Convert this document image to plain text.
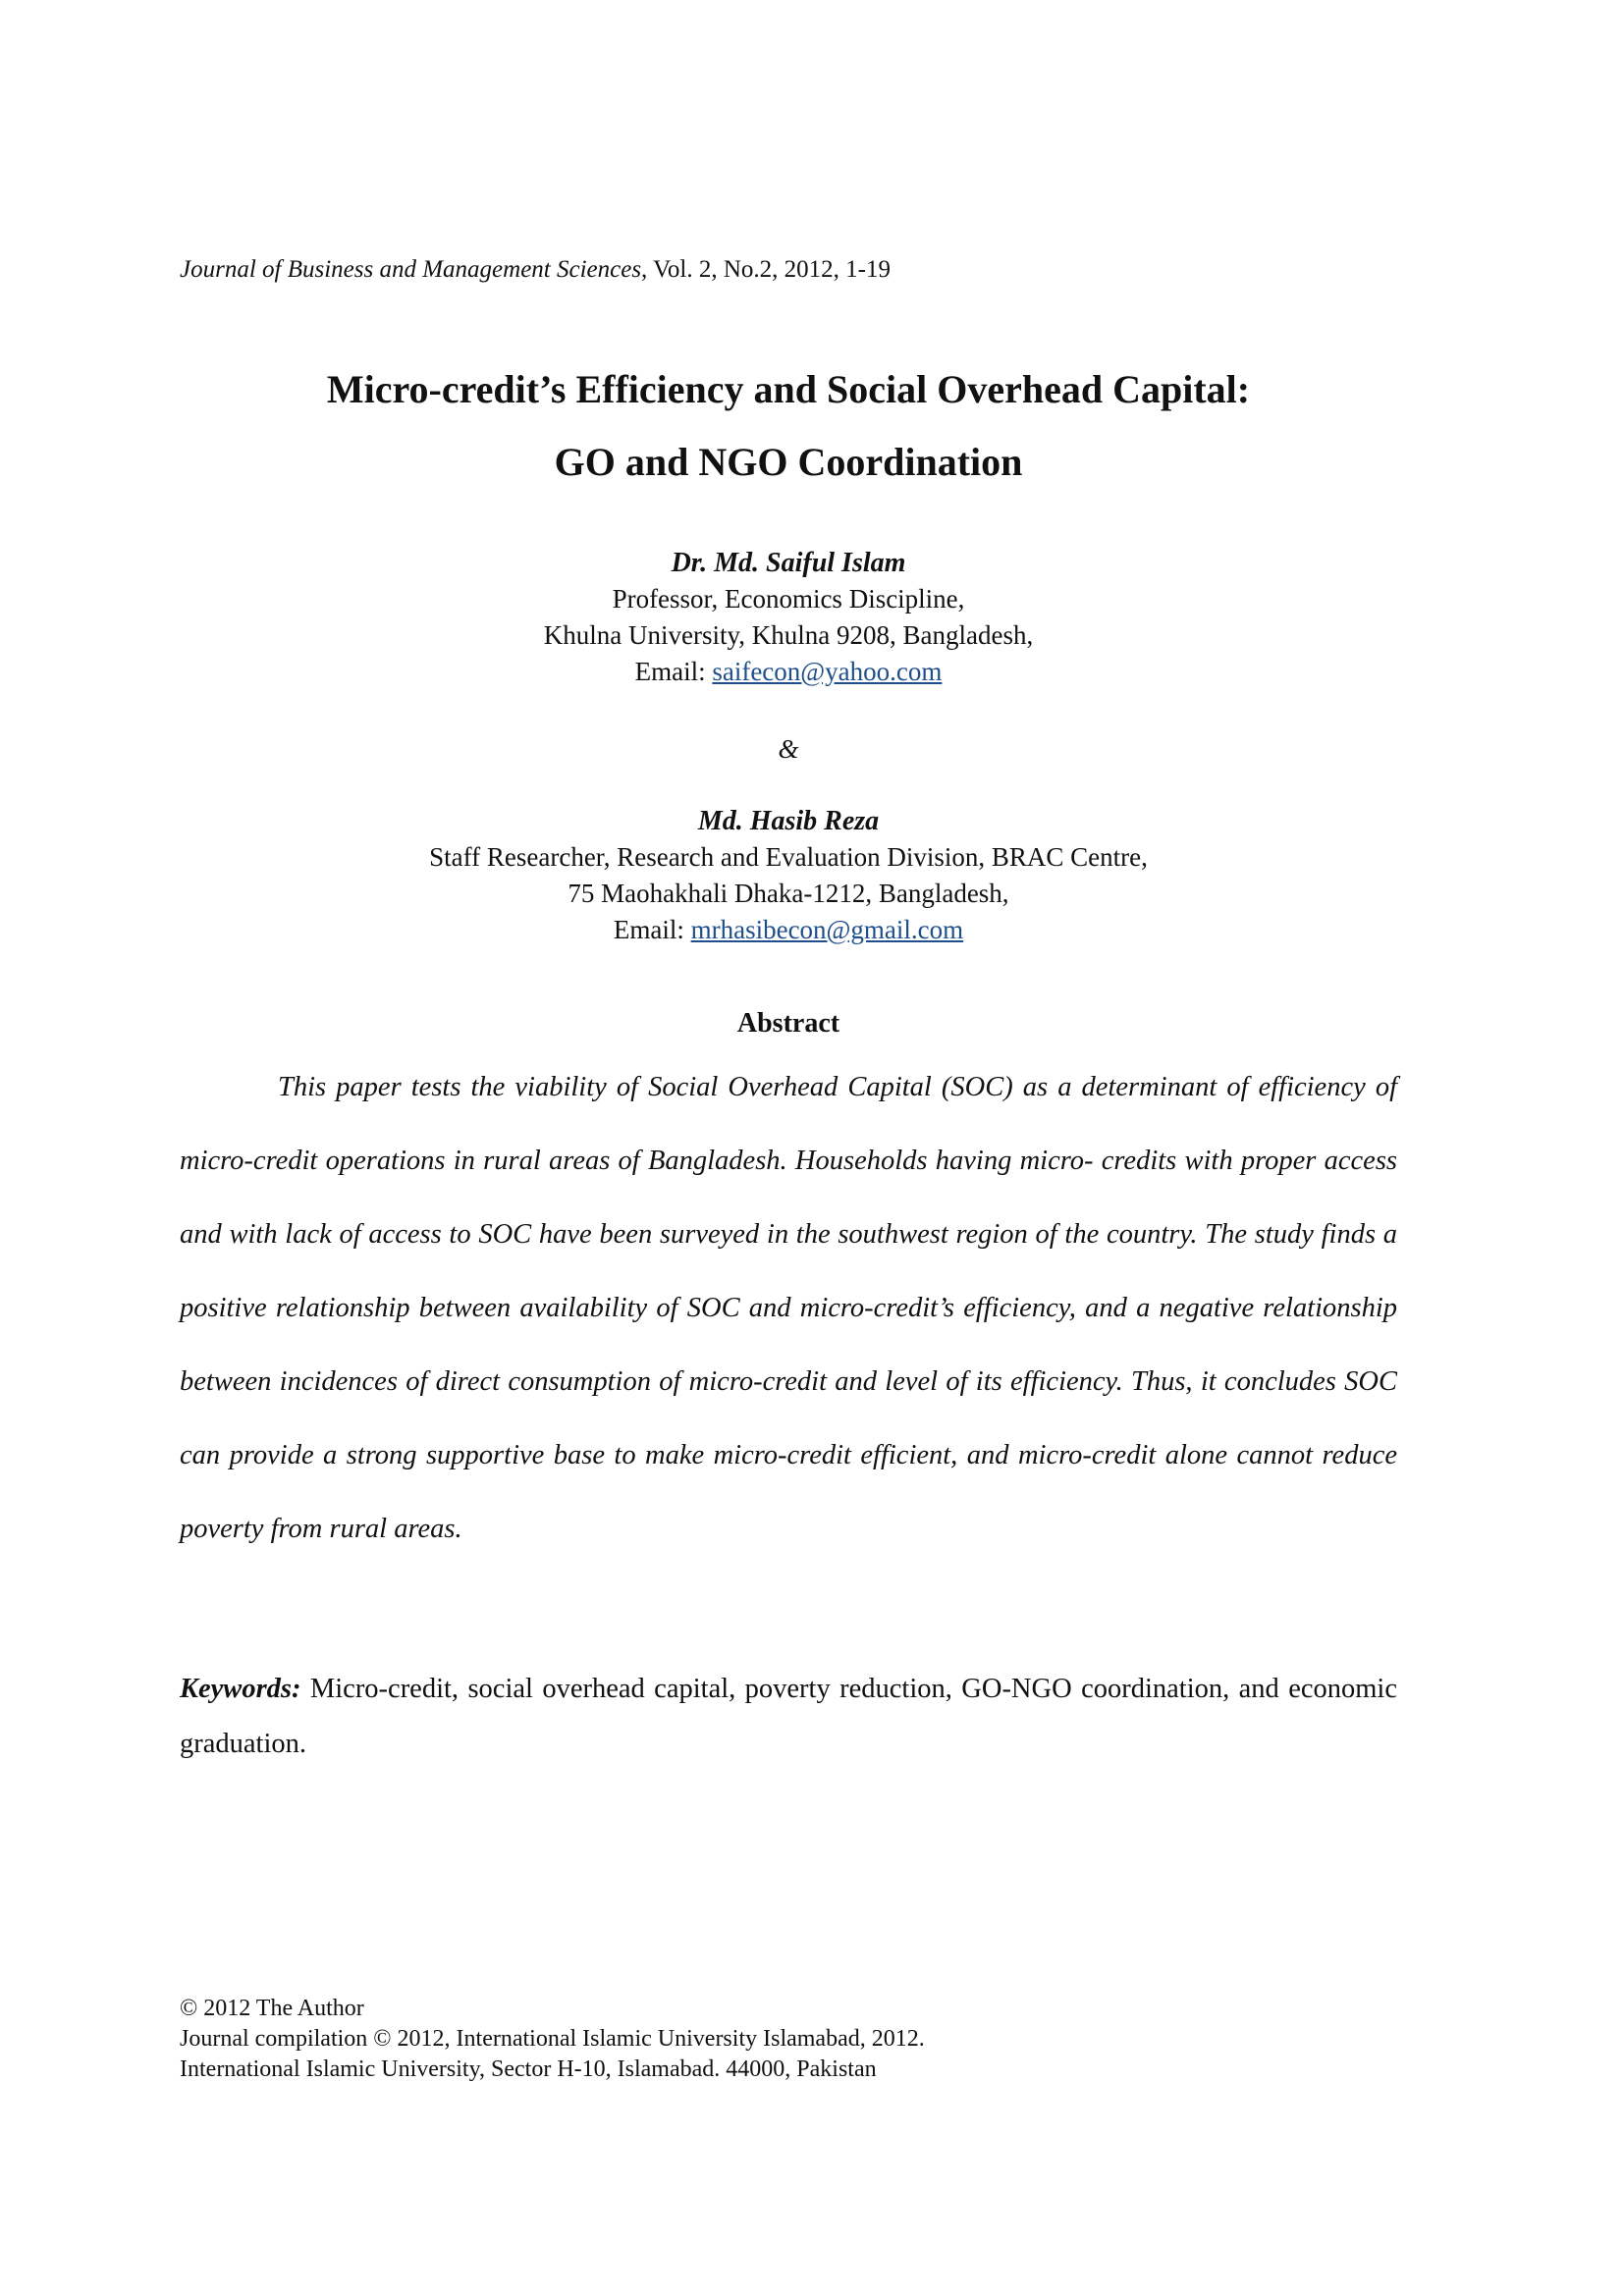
Journal of Business and Management Sciences, Vol. 2, No.2, 2012, 1-19
Micro-credit’s Efficiency and Social Overhead Capital:
GO and NGO Coordination
Dr. Md. Saiful Islam
Professor, Economics Discipline,
Khulna University, Khulna 9208, Bangladesh,
Email: saifecon@yahoo.com
&
Md. Hasib Reza
Staff Researcher, Research and Evaluation Division, BRAC Centre,
75 Maohakhali Dhaka-1212, Bangladesh,
Email: mrhasibecon@gmail.com
Abstract

This paper tests the viability of Social Overhead Capital (SOC) as a determinant of efficiency of micro-credit operations in rural areas of Bangladesh. Households having micro- credits with proper access and with lack of access to SOC have been surveyed in the southwest region of the country. The study finds a positive relationship between availability of SOC and micro-credit’s efficiency, and a negative relationship between incidences of direct consumption of micro-credit and level of its efficiency. Thus, it concludes SOC can provide a strong supportive base to make micro-credit efficient, and micro-credit alone cannot reduce poverty from rural areas.

Keywords: Micro-credit, social overhead capital, poverty reduction, GO-NGO coordination, and economic graduation.

© 2012 The Author
Journal compilation © 2012, International Islamic University Islamabad, 2012.
International Islamic University, Sector H-10, Islamabad. 44000, Pakistan
